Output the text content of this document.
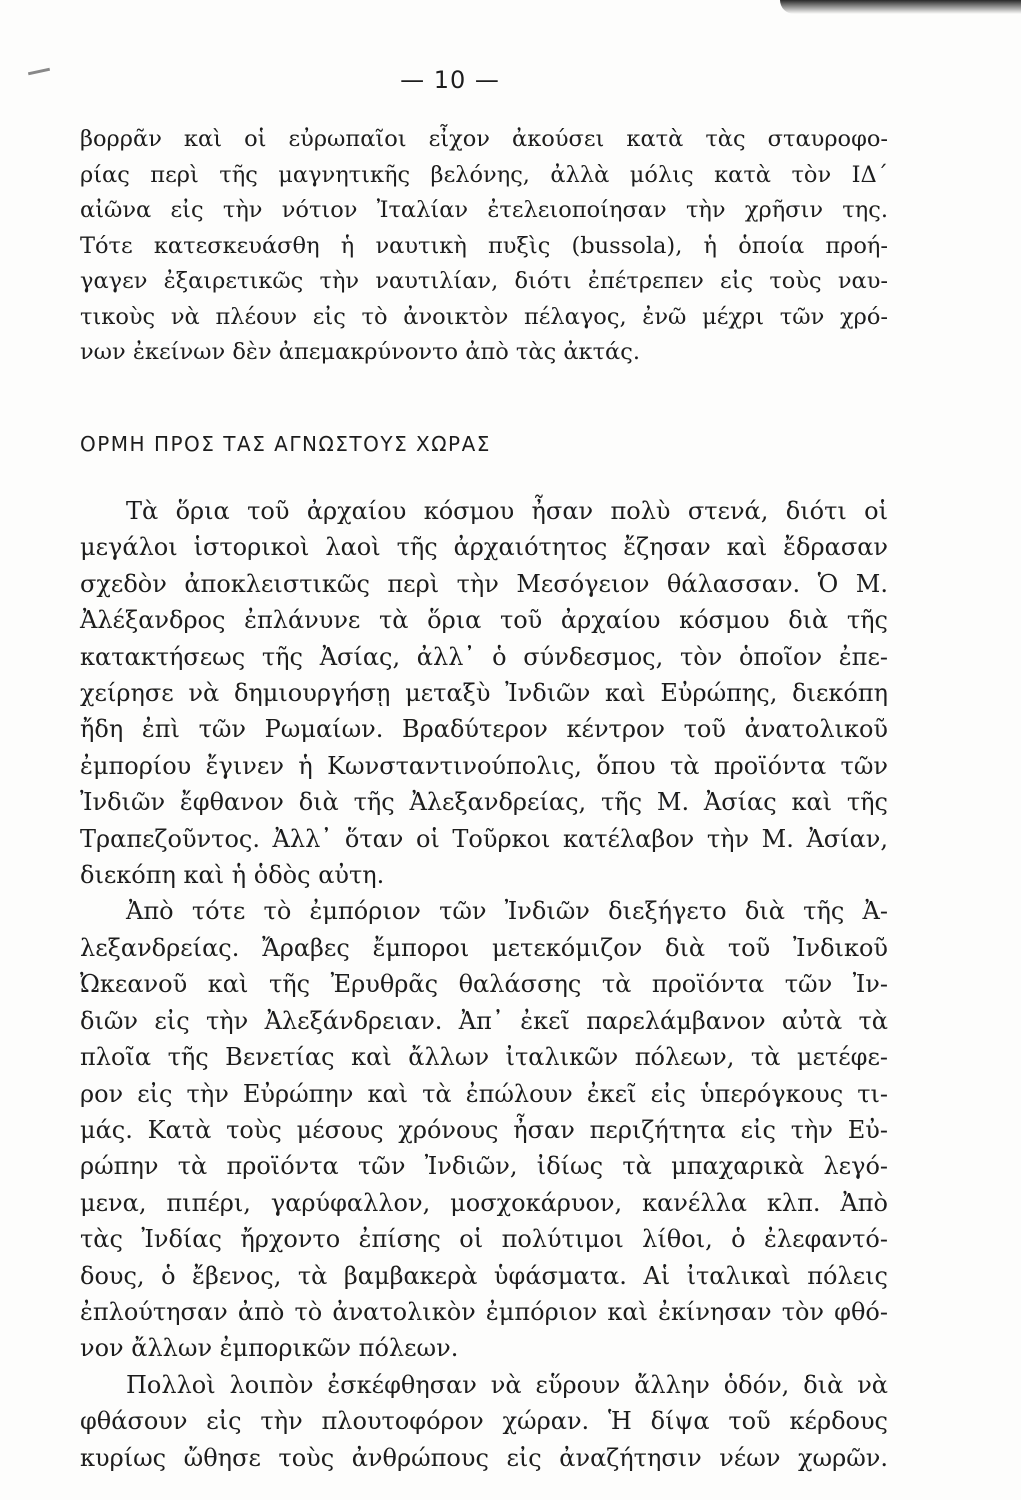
— 10 —
βορρᾶν καὶ οἱ εὐρωπαῖοι εἶχον ἀκούσει κατὰ τὰς σταυροφο-
ρίας περὶ τῆς μαγνητικῆς βελόνης, ἀλλὰ μόλις κατὰ τὸν ΙΔ΄
αἰῶνα εἰς τὴν νότιον Ἰταλίαν ἐτελειοποίησαν τὴν χρῆσιν της.
Τότε κατεσκευάσθη ἡ ναυτικὴ πυξὶς (bussola), ἡ ὁποία προή-
γαγεν ἐξαιρετικῶς τὴν ναυτιλίαν, διότι ἐπέτρεπεν εἰς τοὺς ναυ-
τικοὺς νὰ πλέουν εἰς τὸ ἀνοικτὸν πέλαγος, ἐνῶ μέχρι τῶν χρό-
νων ἐκείνων δὲν ἀπεμακρύνοντο ἀπὸ τὰς ἀκτάς.
ΟΡΜΗ ΠΡΟΣ ΤΑΣ ΑΓΝΩΣΤΟΥΣ ΧΩΡΑΣ
Τὰ ὅρια τοῦ ἀρχαίου κόσμου ἦσαν πολὺ στενά, διότι οἱ
μεγάλοι ἱστορικοὶ λαοὶ τῆς ἀρχαιότητος ἔζησαν καὶ ἔδρασαν
σχεδὸν ἀποκλειστικῶς περὶ τὴν Μεσόγειον θάλασσαν. Ὁ Μ.
Ἀλέξανδρος ἐπλάνυνε τὰ ὅρια τοῦ ἀρχαίου κόσμου διὰ τῆς
κατακτήσεως τῆς Ἀσίας, ἀλλ᾽ ὁ σύνδεσμος, τὸν ὁποῖον ἐπε-
χείρησε νὰ δημιουργήσῃ μεταξὺ Ἰνδιῶν καὶ Εὐρώπης, διεκόπη
ἤδη ἐπὶ τῶν Ρωμαίων. Βραδύτερον κέντρον τοῦ ἀνατολικοῦ
ἐμπορίου ἔγινεν ἡ Κωνσταντινούπολις, ὅπου τὰ προϊόντα τῶν
Ἰνδιῶν ἔφθανον διὰ τῆς Ἀλεξανδρείας, τῆς Μ. Ἀσίας καὶ τῆς
Τραπεζοῦντος. Ἀλλ᾽ ὅταν οἱ Τοῦρκοι κατέλαβον τὴν Μ. Ἀσίαν,
διεκόπη καὶ ἡ ὁδὸς αὐτη.
Ἀπὸ τότε τὸ ἐμπόριον τῶν Ἰνδιῶν διεξήγετο διὰ τῆς Ἀ-
λεξανδρείας. Ἄραβες ἔμποροι μετεκόμιζον διὰ τοῦ Ἰνδικοῦ
Ὠκεανοῦ καὶ τῆς Ἐρυθρᾶς θαλάσσης τὰ προϊόντα τῶν Ἰν-
διῶν εἰς τὴν Ἀλεξάνδρειαν. Ἀπ᾽ ἐκεῖ παρελάμβανον αὐτὰ τὰ
πλοῖα τῆς Βενετίας καὶ ἄλλων ἰταλικῶν πόλεων, τὰ μετέφε-
ρον εἰς τὴν Εὐρώπην καὶ τὰ ἐπώλουν ἐκεῖ εἰς ὑπερόγκους τι-
μάς. Κατὰ τοὺς μέσους χρόνους ἦσαν περιζήτητα εἰς τὴν Εὐ-
ρώπην τὰ προϊόντα τῶν Ἰνδιῶν, ἰδίως τὰ μπαχαρικὰ λεγό-
μενα, πιπέρι, γαρύφαλλον, μοσχοκάρυον, κανέλλα κλπ. Ἀπὸ
τὰς Ἰνδίας ἤρχοντο ἐπίσης οἱ πολύτιμοι λίθοι, ὁ ἐλεφαντό-
δους, ὁ ἔβενος, τὰ βαμβακερὰ ὑφάσματα. Αἱ ἰταλικαὶ πόλεις
ἐπλούτησαν ἀπὸ τὸ ἀνατολικὸν ἐμπόριον καὶ ἐκίνησαν τὸν φθό-
νον ἄλλων ἐμπορικῶν πόλεων.
Πολλοὶ λοιπὸν ἐσκέφθησαν νὰ εὕρουν ἄλλην ὁδόν, διὰ νὰ
φθάσουν εἰς τὴν πλουτοφόρον χώραν. Ἡ δίψα τοῦ κέρδους
κυρίως ὤθησε τοὺς ἀνθρώπους εἰς ἀναζήτησιν νέων χωρῶν.
